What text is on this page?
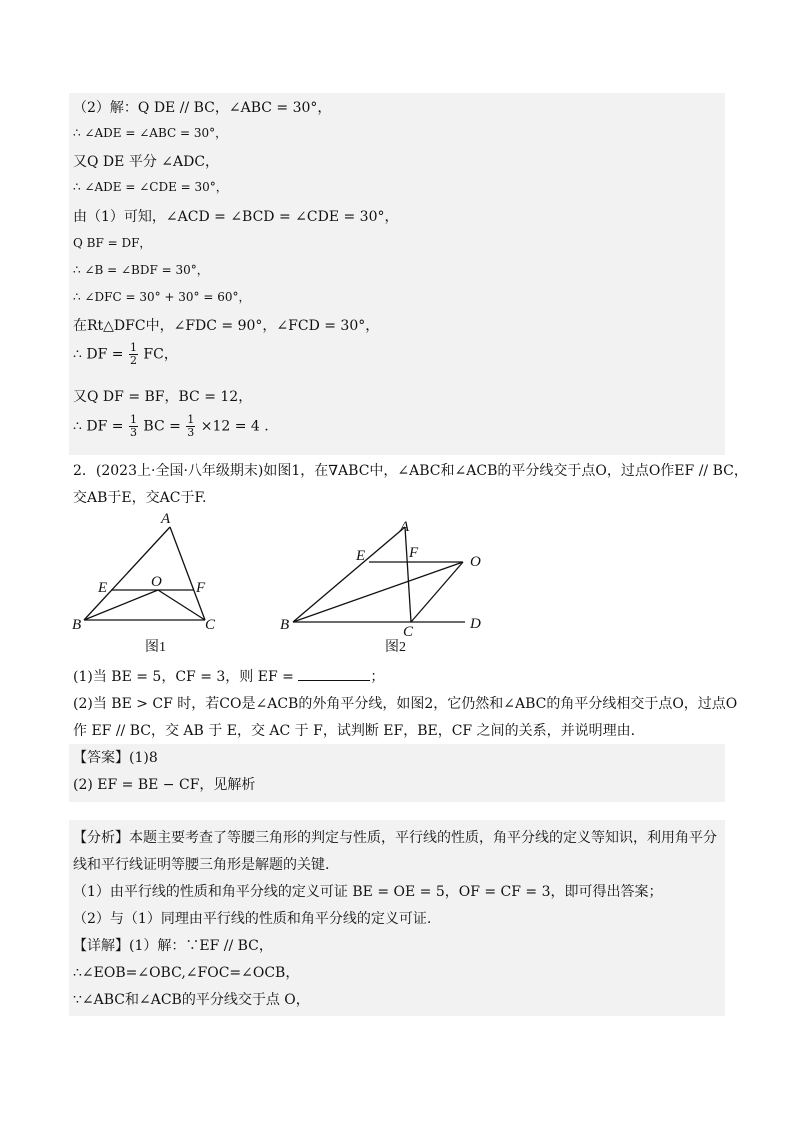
（2）解：Q DE // BC，∠ABC = 30°，
∴ ∠ADE = ∠ABC = 30°，
又Q DE 平分 ∠ADC，
∴ ∠ADE = ∠CDE = 30°，
由（1）可知，∠ACD = ∠BCD = ∠CDE = 30°，
Q BF = DF，
∴ ∠B = ∠BDF = 30°，
∴ ∠DFC = 30° + 30° = 60°，
在Rt△DFC中，∠FDC = 90°，∠FCD = 30°，
∴ DF = $\frac{1}{2}$ FC，
又Q DF = BF，BC = 12，
∴ DF = $\frac{1}{3}$ BC = $\frac{1}{3} \times 12 = 4$ .
2．(2023上·全国·八年级期末)如图1，在∇ABC中，∠ABC和∠ACB的平分线交于点O，过点O作EF // BC，
交AB于E，交AC于F.
A
B	C
E	O F
图1
A
B	C	D
E	F
O
图2
(1)当 BE = 5，CF = 3，则 EF =	；
(2)当 BE > CF 时，若CO是∠ACB的外角平分线，如图2，它仍然和∠ABC的角平分线相交于点O，过点O
作 EF // BC，交 AB 于 E，交 AC 于 F，试判断 EF，BE，CF 之间的关系，并说明理由.
【答案】(1)8
(2) EF = BE − CF，见解析
【分析】本题主要考查了等腰三角形的判定与性质，平行线的性质，角平分线的定义等知识，利用角平分
线和平行线证明等腰三角形是解题的关键.
（1）由平行线的性质和角平分线的定义可证 BE = OE = 5，OF = CF = 3，即可得出答案；
（2）与（1）同理由平行线的性质和角平分线的定义可证.
【详解】(1）解：∵EF // BC，
∴∠EOB=∠OBC,∠FOC=∠OCB，
∵∠ABC和∠ACB的平分线交于点 O，
